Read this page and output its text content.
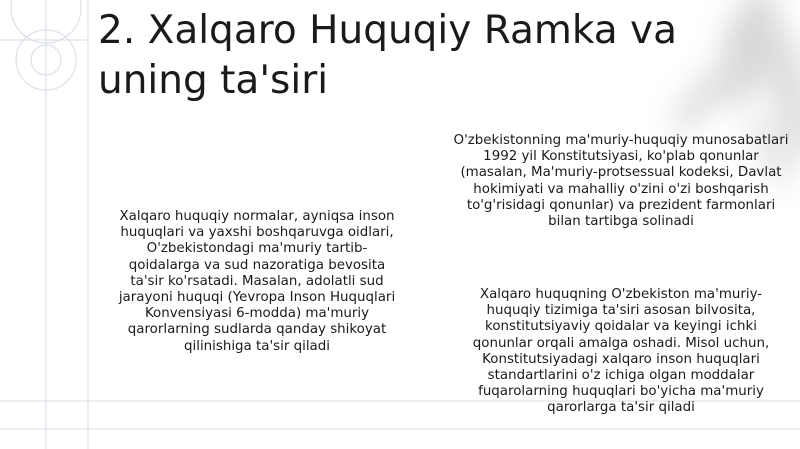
2. Xalqaro Huquqiy Ramka va uning ta'siri

Xalqaro huquqiy normalar, ayniqsa inson huquqlari va yaxshi boshqaruvga oidlari, O'zbekistondagi ma'muriy tartib-qoidalarga va sud nazoratiga bevosita ta'sir ko'rsatadi. Masalan, adolatli sud jarayoni huquqi (Yevropa Inson Huquqlari Konvensiyasi 6-modda) ma'muriy qarorlarning sudlarda qanday shikoyat qilinishiga ta'sir qiladi

O'zbekistonning ma'muriy-huquqiy munosabatlari 1992 yil Konstitutsiyasi, ko'plab qonunlar (masalan, Ma'muriy-protsessual kodeksi, Davlat hokimiyati va mahalliy o'zini o'zi boshqarish to'g'risidagi qonunlar) va prezident farmonlari bilan tartibga solinadi

Xalqaro huquqning O'zbekiston ma'muriy-huquqiy tizimiga ta'siri asosan bilvosita, konstitutsiyaviy qoidalar va keyingi ichki qonunlar orqali amalga oshadi. Misol uchun, Konstitutsiyadagi xalqaro inson huquqlari standartlarini o'z ichiga olgan moddalar fuqarolarning huquqlari bo'yicha ma'muriy qarorlarga ta'sir qiladi
